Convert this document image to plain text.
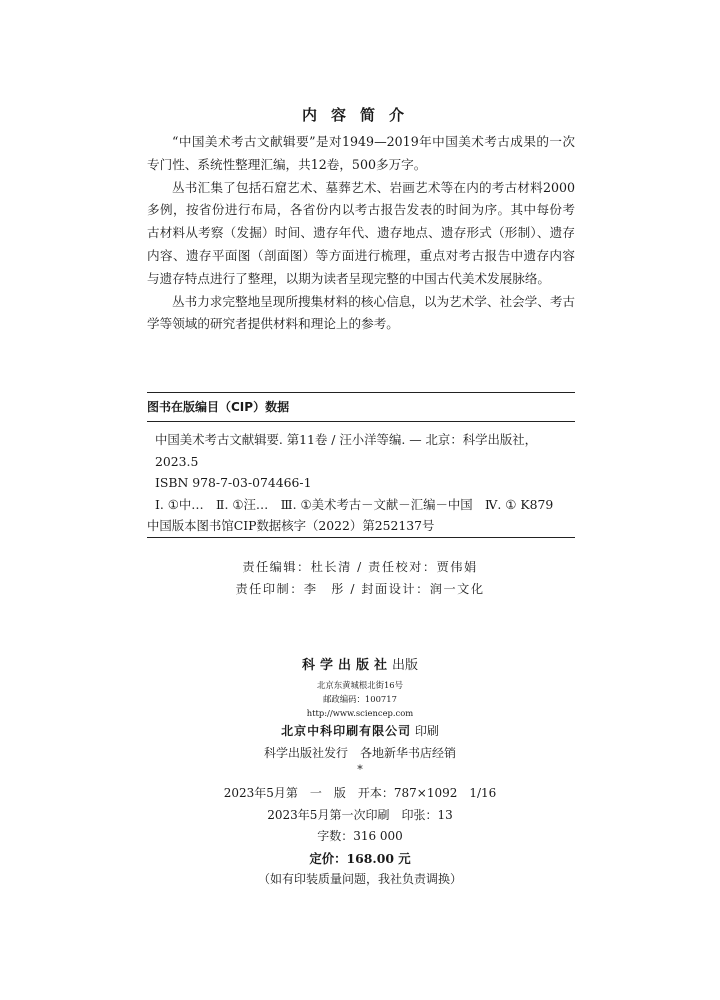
内容简介

“中国美术考古文献辑要”是对1949—2019年中国美术考古成果的一次专门性、系统性整理汇编，共12卷，500多万字。

丛书汇集了包括石窟艺术、墓葬艺术、岩画艺术等在内的考古材料2000多例，按省份进行布局，各省份内以考古报告发表的时间为序。其中每份考古材料从考察（发掘）时间、遗存年代、遗存地点、遗存形式（形制）、遗存内容、遗存平面图（剖面图）等方面进行梳理，重点对考古报告中遗存内容与遗存特点进行了整理，以期为读者呈现完整的中国古代美术发展脉络。

丛书力求完整地呈现所搜集材料的核心信息，以为艺术学、社会学、考古学等领域的研究者提供材料和理论上的参考。

图书在版编目（CIP）数据

中国美术考古文献辑要. 第11卷 / 汪小洋等编. — 北京：科学出版社，2023.5

ISBN 978-7-03-074466-1

Ⅰ. ①中…　Ⅱ. ①汪…　Ⅲ. ①美术考古－文献－汇编－中国　Ⅳ. ① K879

中国版本图书馆CIP数据核字（2022）第252137号

责任编辑：杜长清 / 责任校对：贾伟娟
责任印制：李　彤 / 封面设计：润一文化
科学出版社出版
北京东黄城根北街16号
邮政编码：100717
http://www.sciencep.com
北京中科印刷有限公司 印刷
科学出版社发行　各地新华书店经销
*
2023年5月第　一　版　开本：787×1092　1/16
2023年5月第一次印刷　印张：13
字数：316 000
定价：168.00 元
（如有印装质量问题，我社负责调换）
